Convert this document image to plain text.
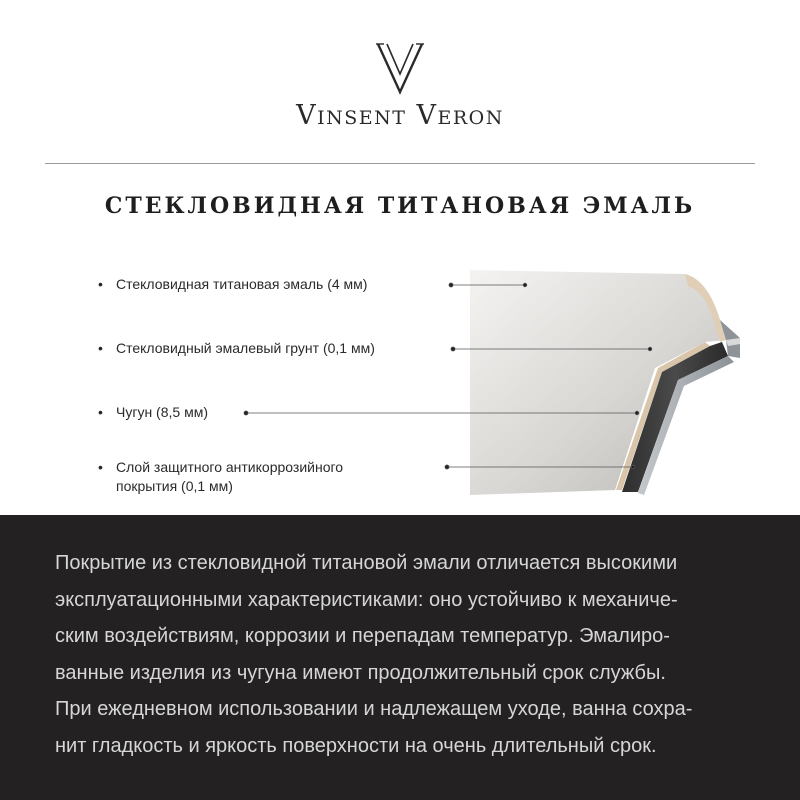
Vinsent Veron
СТЕКЛОВИДНАЯ ТИТАНОВАЯ ЭМАЛЬ
• Стекловидная титановая эмаль (4 мм)
• Стекловидный эмалевый грунт (0,1 мм)
• Чугун (8,5 мм)
• Слой защитного антикоррозийного
покрытия (0,1 мм)
Покрытие из стекловидной титановой эмали отличается высокими
эксплуатационными характеристиками: оно устойчиво к механиче-
ским воздействиям, коррозии и перепадам температур. Эмалиро-
ванные изделия из чугуна имеют продолжительный срок службы.
При ежедневном использовании и надлежащем уходе, ванна сохра-
нит гладкость и яркость поверхности на очень длительный срок.
